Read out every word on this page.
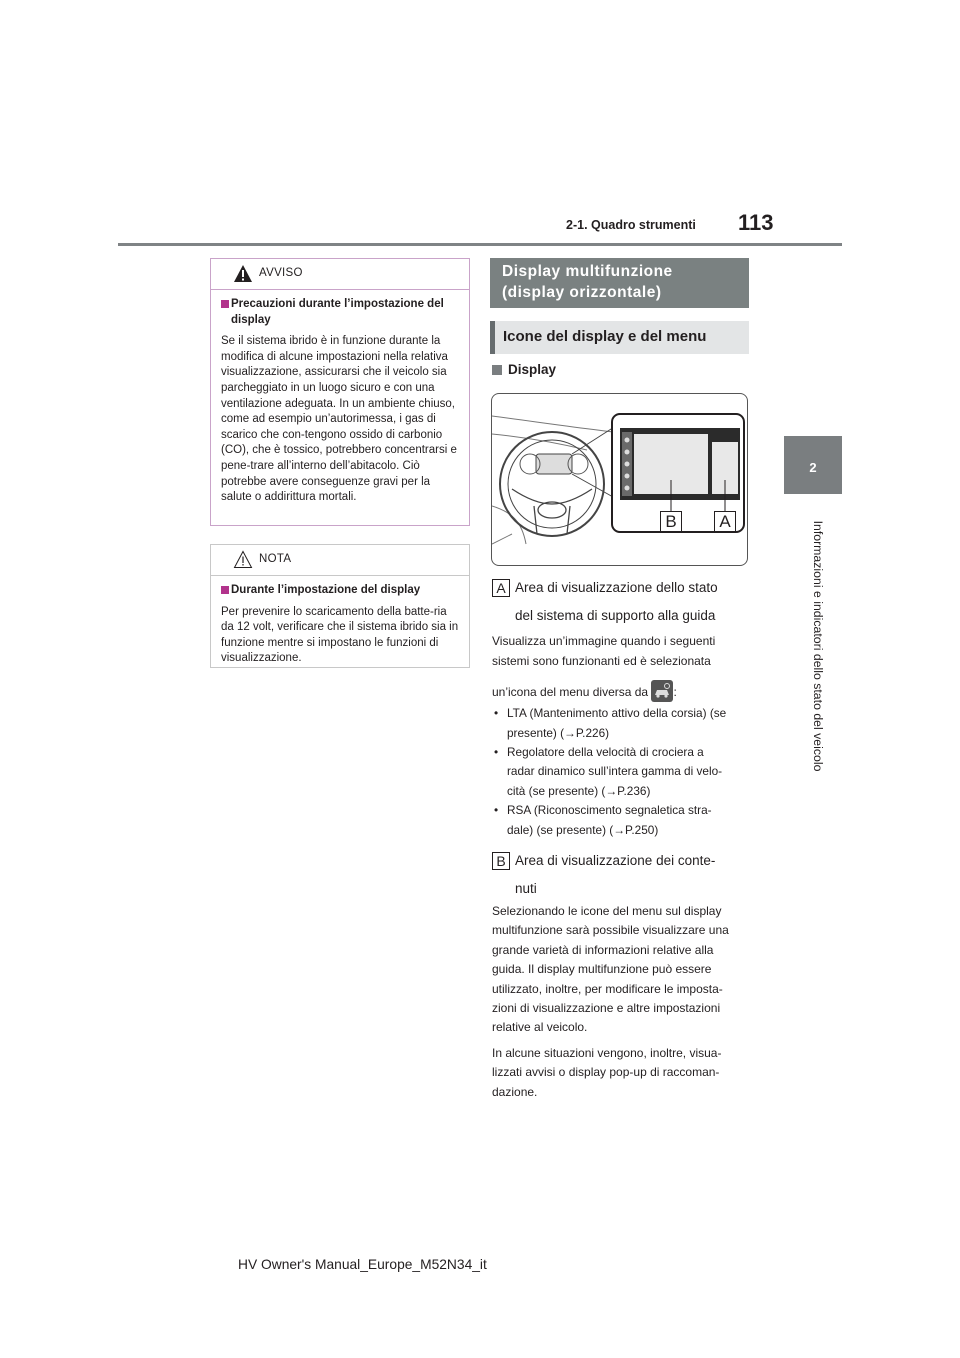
113
2-1. Quadro strumenti
2
Informazioni e indicatori dello stato del veicolo
AVVISO

Precauzioni durante l’impostazione del display

Se il sistema ibrido è in funzione durante la modifica di alcune impostazioni nella relativa visualizzazione, assicurarsi che il veicolo sia parcheggiato in un luogo sicuro e con una ventilazione adeguata. In un ambiente chiuso, come ad esempio un’autorimessa, i gas di scarico che con-tengono ossido di carbonio (CO), che è tossico, potrebbero concentrarsi e pene-trare all’interno dell’abitacolo. Ciò potrebbe avere conseguenze gravi per la salute o addirittura mortali.

NOTA

Durante l’impostazione del display

Per prevenire lo scaricamento della batte-ria da 12 volt, verificare che il sistema ibrido sia in funzione mentre si impostano le funzioni di visualizzazione.

Display multifunzione
(display orizzontale)
Icone del display e del menu
Display
B	A
A Area di visualizzazione dello stato
del sistema di supporto alla guida

Visualizza un’immagine quando i seguenti

sistemi sono funzionanti ed è selezionata

un’icona del menu diversa da :

• LTA (Mantenimento attivo della corsia) (se
presente) (→P.226)
• Regolatore della velocità di crociera a
radar dinamico sull’intera gamma di velo-
cità (se presente) (→P.236)
• RSA (Riconoscimento segnaletica stra-
dale) (se presente) (→P.250)
B Area di visualizzazione dei conte-
nuti

Selezionando le icone del menu sul display

multifunzione sarà possibile visualizzare una

grande varietà di informazioni relative alla

guida. Il display multifunzione può essere

utilizzato, inoltre, per modificare le imposta-

zioni di visualizzazione e altre impostazioni

relative al veicolo.

In alcune situazioni vengono, inoltre, visua-

lizzati avvisi o display pop-up di raccoman-

dazione.

HV Owner's Manual_Europe_M52N34_it
